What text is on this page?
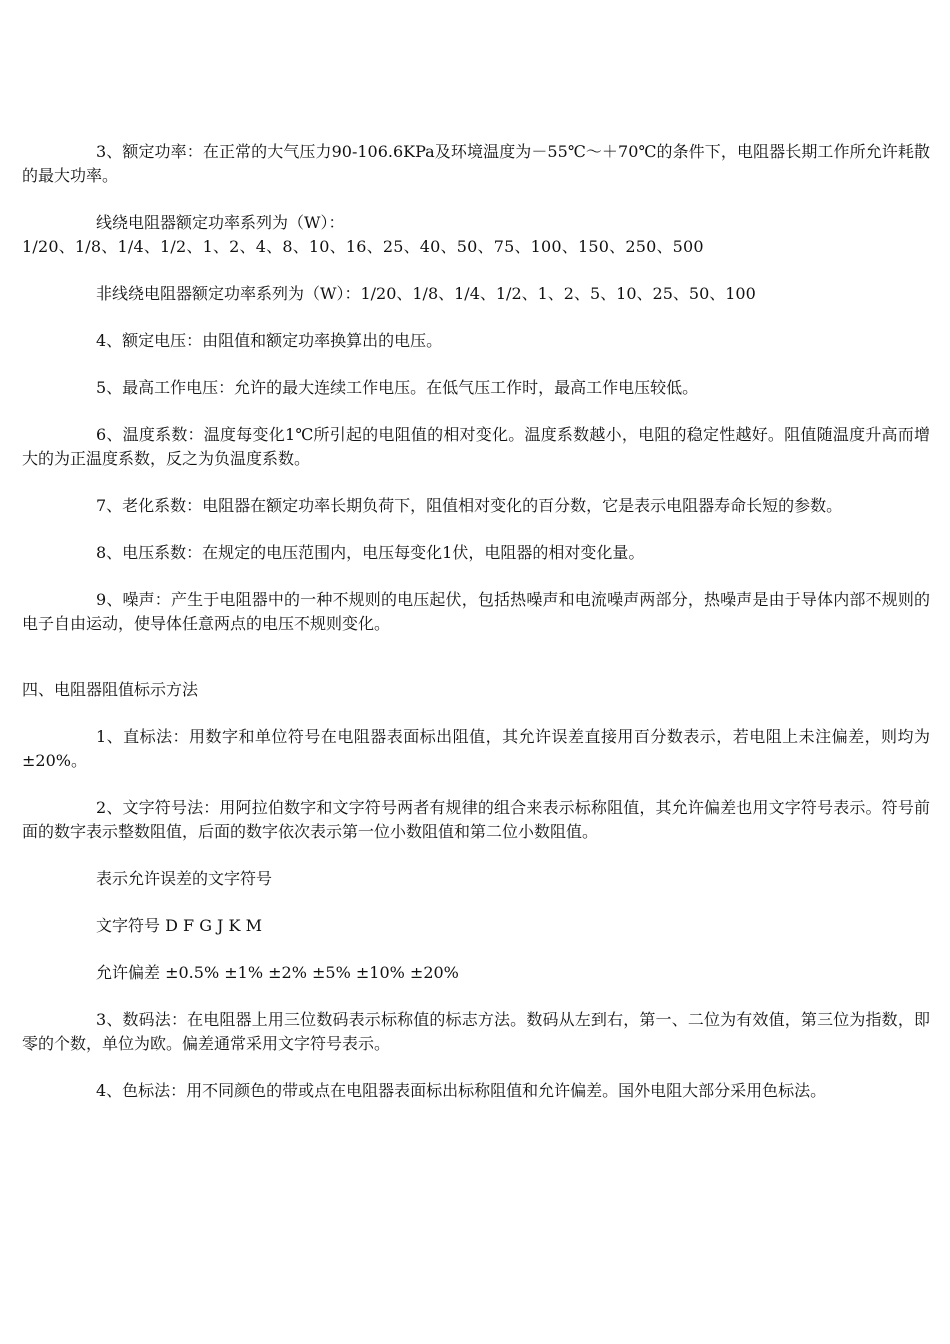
3、额定功率：在正常的大气压力90-106.6KPa及环境温度为－55℃～＋70℃的条件下，电阻器长期工作所允许耗散的最大功率。

线绕电阻器额定功率系列为（W）：

1/20、1/8、1/4、1/2、1、2、4、8、10、16、25、40、50、75、100、150、250、500

非线绕电阻器额定功率系列为（W）：1/20、1/8、1/4、1/2、1、2、5、10、25、50、100

4、额定电压：由阻值和额定功率换算出的电压。

5、最高工作电压：允许的最大连续工作电压。在低气压工作时，最高工作电压较低。

6、温度系数：温度每变化1℃所引起的电阻值的相对变化。温度系数越小，电阻的稳定性越好。阻值随温度升高而增大的为正温度系数，反之为负温度系数。

7、老化系数：电阻器在额定功率长期负荷下，阻值相对变化的百分数，它是表示电阻器寿命长短的参数。

8、电压系数：在规定的电压范围内，电压每变化1伏，电阻器的相对变化量。

9、噪声：产生于电阻器中的一种不规则的电压起伏，包括热噪声和电流噪声两部分，热噪声是由于导体内部不规则的电子自由运动，使导体任意两点的电压不规则变化。

四、电阻器阻值标示方法

1、直标法：用数字和单位符号在电阻器表面标出阻值，其允许误差直接用百分数表示，若电阻上未注偏差，则均为±20%。

2、文字符号法：用阿拉伯数字和文字符号两者有规律的组合来表示标称阻值，其允许偏差也用文字符号表示。符号前面的数字表示整数阻值，后面的数字依次表示第一位小数阻值和第二位小数阻值。

表示允许误差的文字符号

文字符号 D F G J K M

允许偏差 ±0.5% ±1% ±2% ±5% ±10% ±20%

3、数码法：在电阻器上用三位数码表示标称值的标志方法。数码从左到右，第一、二位为有效值，第三位为指数，即零的个数，单位为欧。偏差通常采用文字符号表示。

4、色标法：用不同颜色的带或点在电阻器表面标出标称阻值和允许偏差。国外电阻大部分采用色标法。
